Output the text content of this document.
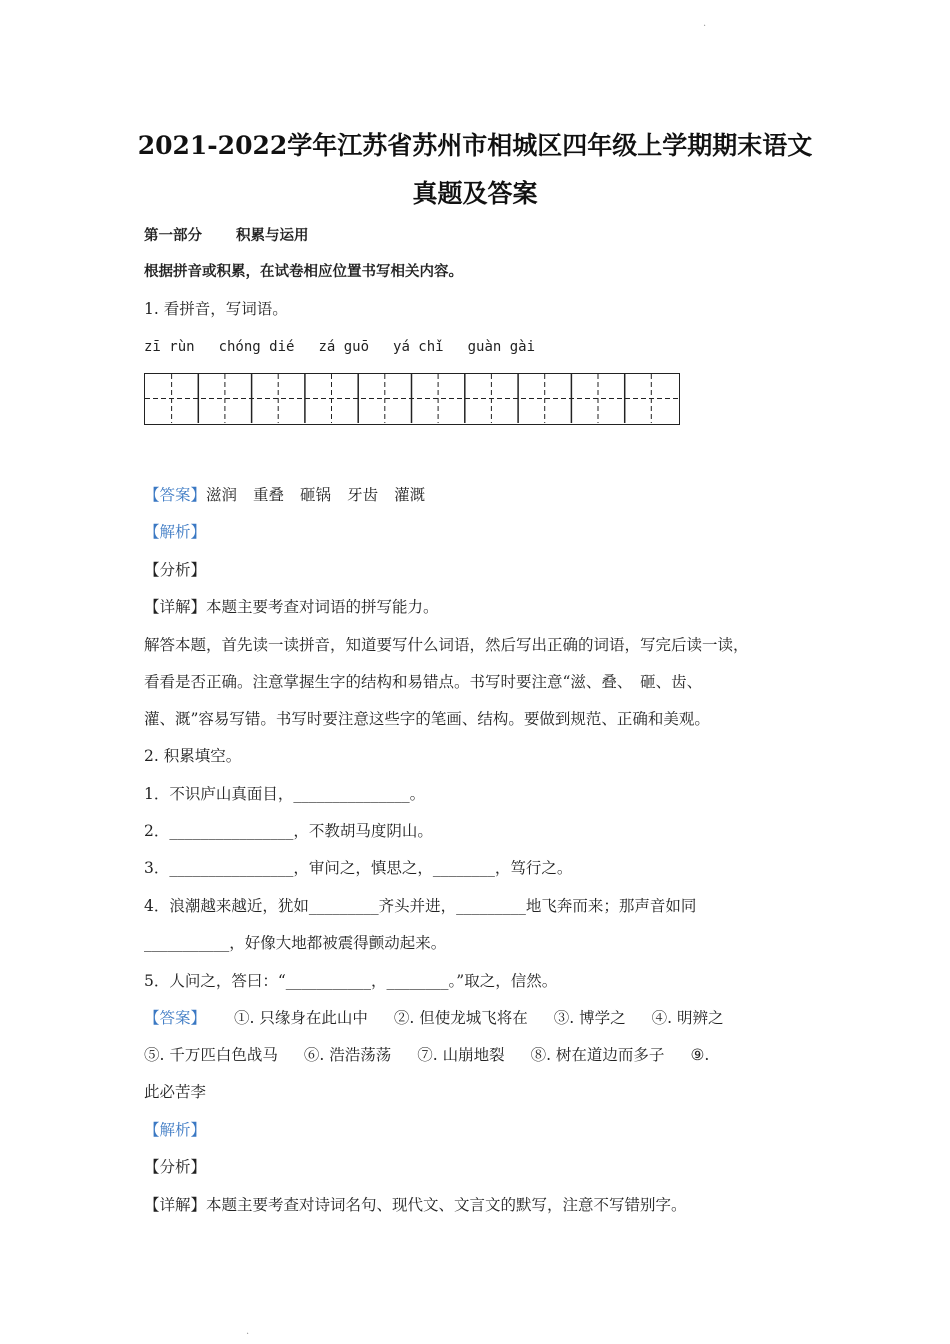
.
2021-2022学年江苏省苏州市相城区四年级上学期期末语文
真题及答案
第一部分 积累与运用
根据拼音或积累，在试卷相应位置书写相关内容。
1. 看拼音，写词语。
zī rùn chóng dié zá guō yá chǐ guàn gài
【答案】滋润 重叠 砸锅 牙齿 灌溉
【解析】
【分析】
【详解】本题主要考查对词语的拼写能力。
解答本题，首先读一读拼音，知道要写什么词语，然后写出正确的词语，写完后读一读，
看看是否正确。注意掌握生字的结构和易错点。书写时要注意“滋、叠、　砸、齿、
灌、溉”容易写错。书写时要注意这些字的笔画、结构。要做到规范、正确和美观。
2. 积累填空。
1．不识庐山真面目，_______________。
2．________________，不教胡马度阴山。
3．________________，审问之，慎思之，________，笃行之。
4．浪潮越来越近，犹如_________齐头并进，_________地飞奔而来；那声音如同
___________，好像大地都被震得颤动起来。
5．人问之，答曰：“___________，________。”取之，信然。
【答案】 ①. 只缘身在此山中 ②. 但使龙城飞将在 ③. 博学之 ④. 明辨之
⑤. 千万匹白色战马 ⑥. 浩浩荡荡 ⑦. 山崩地裂 ⑧. 树在道边而多子 ⑨.
此必苦李
【解析】
【分析】
【详解】本题主要考查对诗词名句、现代文、文言文的默写，注意不写错别字。
.
